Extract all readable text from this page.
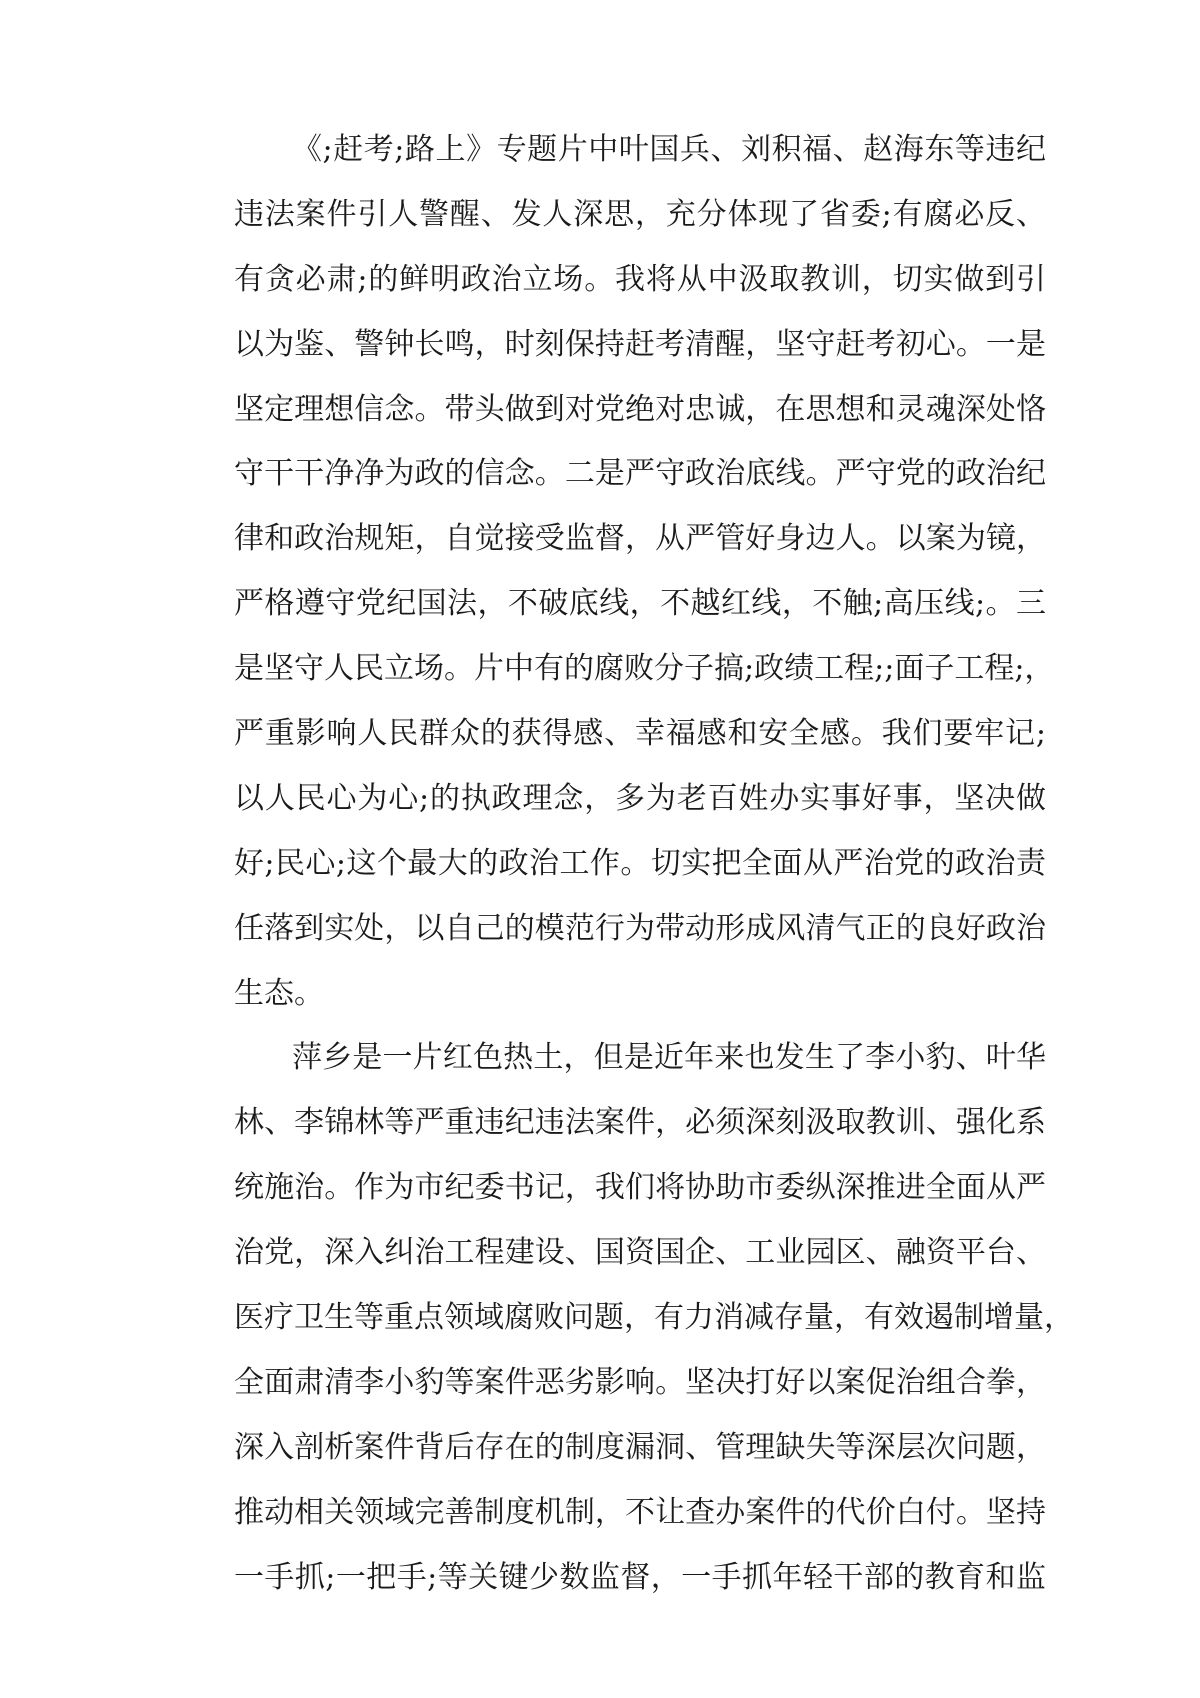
《;赶考;路上》专题片中叶国兵、刘积福、赵海东等违纪
违法案件引人警醒、发人深思，充分体现了省委;有腐必反、
有贪必肃;的鲜明政治立场。我将从中汲取教训，切实做到引
以为鉴、警钟长鸣，时刻保持赶考清醒，坚守赶考初心。一是
坚定理想信念。带头做到对党绝对忠诚，在思想和灵魂深处恪
守干干净净为政的信念。二是严守政治底线。严守党的政治纪
律和政治规矩，自觉接受监督，从严管好身边人。以案为镜，
严格遵守党纪国法，不破底线，不越红线，不触;高压线;。三
是坚守人民立场。片中有的腐败分子搞;政绩工程;;面子工程;，
严重影响人民群众的获得感、幸福感和安全感。我们要牢记;
以人民心为心;的执政理念，多为老百姓办实事好事，坚决做
好;民心;这个最大的政治工作。切实把全面从严治党的政治责
任落到实处，以自己的模范行为带动形成风清气正的良好政治
生态。
萍乡是一片红色热土，但是近年来也发生了李小豹、叶华
林、李锦林等严重违纪违法案件，必须深刻汲取教训、强化系
统施治。作为市纪委书记，我们将协助市委纵深推进全面从严
治党，深入纠治工程建设、国资国企、工业园区、融资平台、
医疗卫生等重点领域腐败问题，有力消减存量，有效遏制增量，
全面肃清李小豹等案件恶劣影响。坚决打好以案促治组合拳，
深入剖析案件背后存在的制度漏洞、管理缺失等深层次问题，
推动相关领域完善制度机制，不让查办案件的代价白付。坚持
一手抓;一把手;等关键少数监督，一手抓年轻干部的教育和监
